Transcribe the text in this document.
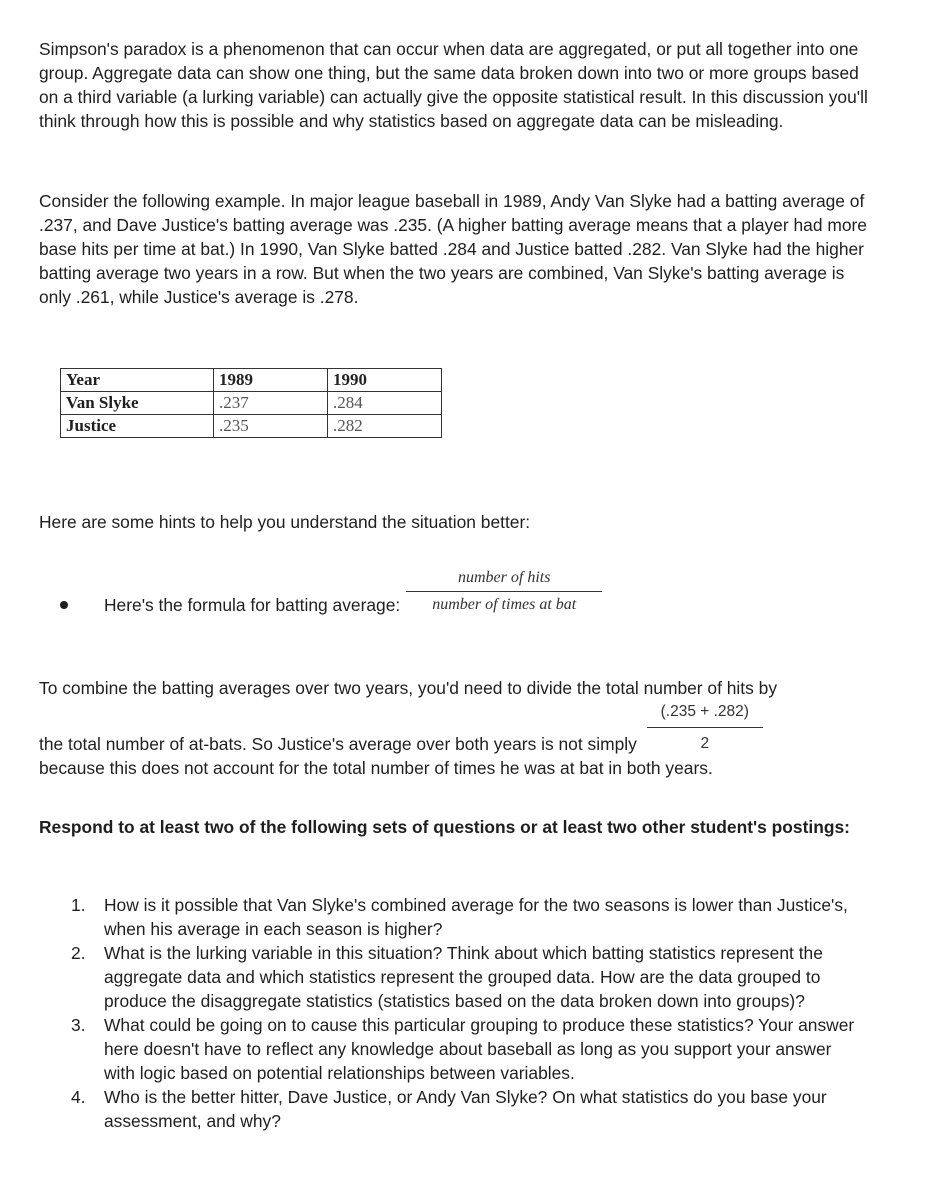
Simpson's paradox is a phenomenon that can occur when data are aggregated, or put all together into one group. Aggregate data can show one thing, but the same data broken down into two or more groups based on a third variable (a lurking variable) can actually give the opposite statistical result. In this discussion you'll think through how this is possible and why statistics based on aggregate data can be misleading.

Consider the following example. In major league baseball in 1989, Andy Van Slyke had a batting average of .237, and Dave Justice's batting average was .235. (A higher batting average means that a player had more base hits per time at bat.) In 1990, Van Slyke batted .284 and Justice batted .282. Van Slyke had the higher batting average two years in a row. But when the two years are combined, Van Slyke's batting average is only .261, while Justice's average is .278.

Year	1989	1990
Van Slyke	.237	.284
Justice	.235	.282

Here are some hints to help you understand the situation better:

Here's the formula for batting average: $\frac{\text{number of hits}}{\text{number of times at bat}}$

To combine the batting averages over two years, you'd need to divide the total number of hits by

the total number of at-bats. So Justice's average over both years is not simply $\frac{(.235 + .282)}{2}$
because this does not account for the total number of times he was at bat in both years.

Respond to at least two of the following sets of questions or at least two other student's postings:

1. How is it possible that Van Slyke's combined average for the two seasons is lower than Justice's, when his average in each season is higher?
2. What is the lurking variable in this situation? Think about which batting statistics represent the aggregate data and which statistics represent the grouped data. How are the data grouped to produce the disaggregate statistics (statistics based on the data broken down into groups)?
3. What could be going on to cause this particular grouping to produce these statistics? Your answer here doesn't have to reflect any knowledge about baseball as long as you support your answer with logic based on potential relationships between variables.
4. Who is the better hitter, Dave Justice, or Andy Van Slyke? On what statistics do you base your assessment, and why?
